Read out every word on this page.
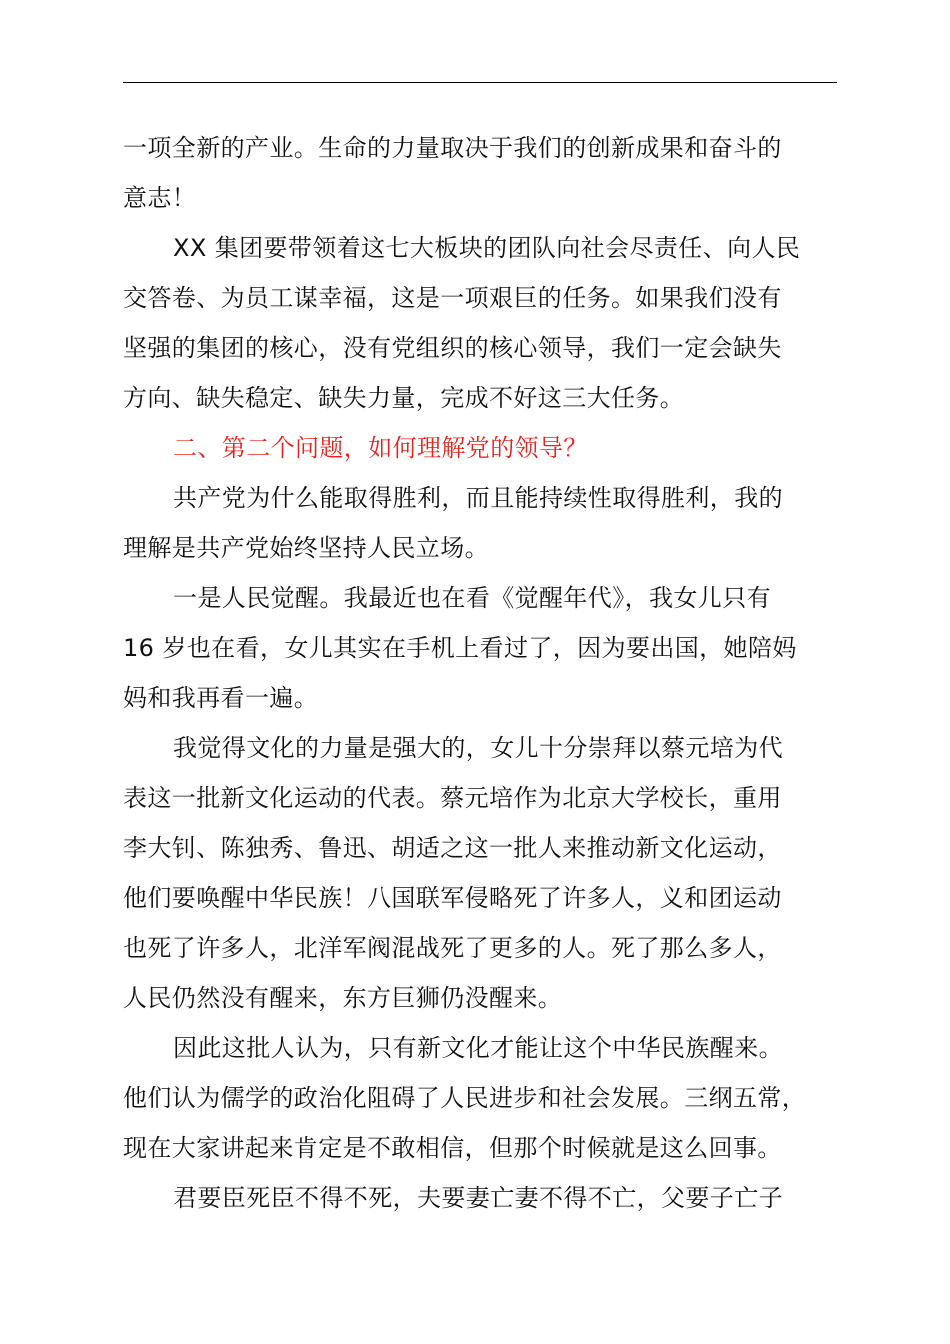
一项全新的产业。生命的力量取决于我们的创新成果和奋斗的
意志！
XX 集团要带领着这七大板块的团队向社会尽责任、向人民
交答卷、为员工谋幸福，这是一项艰巨的任务。如果我们没有
坚强的集团的核心，没有党组织的核心领导，我们一定会缺失
方向、缺失稳定、缺失力量，完成不好这三大任务。
二、第二个问题，如何理解党的领导？
共产党为什么能取得胜利，而且能持续性取得胜利，我的
理解是共产党始终坚持人民立场。
一是人民觉醒。我最近也在看《觉醒年代》，我女儿只有
16 岁也在看，女儿其实在手机上看过了，因为要出国，她陪妈
妈和我再看一遍。
我觉得文化的力量是强大的，女儿十分崇拜以蔡元培为代
表这一批新文化运动的代表。蔡元培作为北京大学校长，重用
李大钊、陈独秀、鲁迅、胡适之这一批人来推动新文化运动，
他们要唤醒中华民族！八国联军侵略死了许多人，义和团运动
也死了许多人，北洋军阀混战死了更多的人。死了那么多人，
人民仍然没有醒来，东方巨狮仍没醒来。
因此这批人认为，只有新文化才能让这个中华民族醒来。
他们认为儒学的政治化阻碍了人民进步和社会发展。三纲五常，
现在大家讲起来肯定是不敢相信，但那个时候就是这么回事。
君要臣死臣不得不死，夫要妻亡妻不得不亡，父要子亡子
